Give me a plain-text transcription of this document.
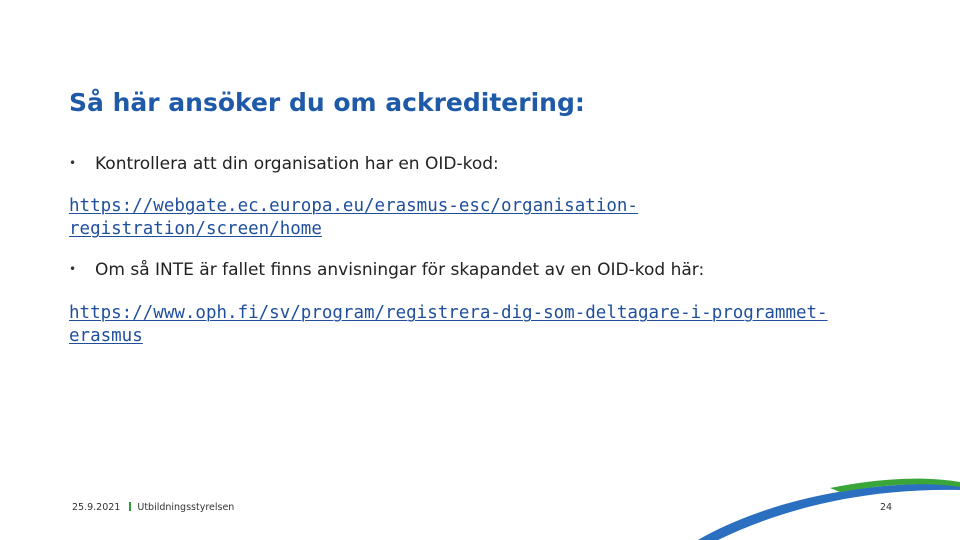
Så här ansöker du om ackreditering:
• Kontrollera att din organisation har en OID-kod:
https://webgate.ec.europa.eu/erasmus-esc/organisation-
registration/screen/home
• Om så INTE är fallet finns anvisningar för skapandet av en OID-kod här:
https://www.oph.fi/sv/program/registrera-dig-som-deltagare-i-programmet-
erasmus
25.9.2021 Utbildningsstyrelsen	24
